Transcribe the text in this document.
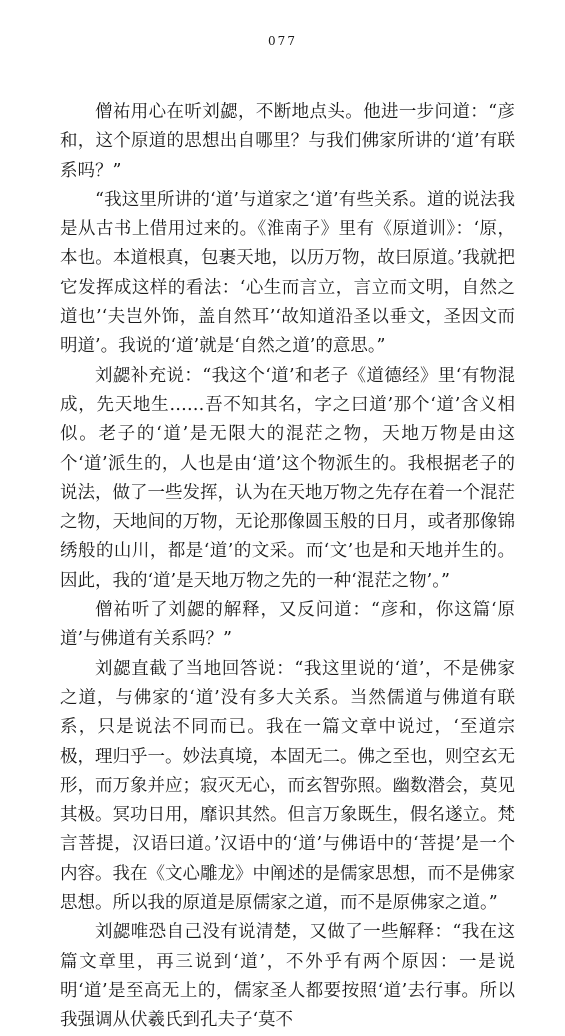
077

僧祐用心在听刘勰，不断地点头。他进一步问道：“彦和，这个原道的思想出自哪里？与我们佛家所讲的‘道’有联系吗？”

“我这里所讲的‘道’与道家之‘道’有些关系。道的说法我是从古书上借用过来的。《淮南子》里有《原道训》：‘原，本也。本道根真，包裹天地，以历万物，故曰原道。’我就把它发挥成这样的看法：‘心生而言立，言立而文明，自然之道也’‘夫岂外饰，盖自然耳’‘故知道沿圣以垂文，圣因文而明道’。我说的‘道’就是‘自然之道’的意思。”

刘勰补充说：“我这个‘道’和老子《道德经》里‘有物混成，先天地生……吾不知其名，字之曰道’那个‘道’含义相似。老子的‘道’是无限大的混茫之物，天地万物是由这个‘道’派生的，人也是由‘道’这个物派生的。我根据老子的说法，做了一些发挥，认为在天地万物之先存在着一个混茫之物，天地间的万物，无论那像圆玉般的日月，或者那像锦绣般的山川，都是‘道’的文采。而‘文’也是和天地并生的。因此，我的‘道’是天地万物之先的一种‘混茫之物’。”

僧祐听了刘勰的解释，又反问道：“彦和，你这篇‘原道’与佛道有关系吗？”

刘勰直截了当地回答说：“我这里说的‘道’，不是佛家之道，与佛家的‘道’没有多大关系。当然儒道与佛道有联系，只是说法不同而已。我在一篇文章中说过，‘至道宗极，理归乎一。妙法真境，本固无二。佛之至也，则空玄无形，而万象并应；寂灭无心，而玄智弥照。幽数潜会，莫见其极。冥功日用，靡识其然。但言万象既生，假名遂立。梵言菩提，汉语曰道。’汉语中的‘道’与佛语中的‘菩提’是一个内容。我在《文心雕龙》中阐述的是儒家思想，而不是佛家思想。所以我的原道是原儒家之道，而不是原佛家之道。”

刘勰唯恐自己没有说清楚，又做了一些解释：“我在这篇文章里，再三说到‘道’，不外乎有两个原因：一是说明‘道’是至高无上的，儒家圣人都要按照‘道’去行事。所以我强调从伏羲氏到孔夫子‘莫不
